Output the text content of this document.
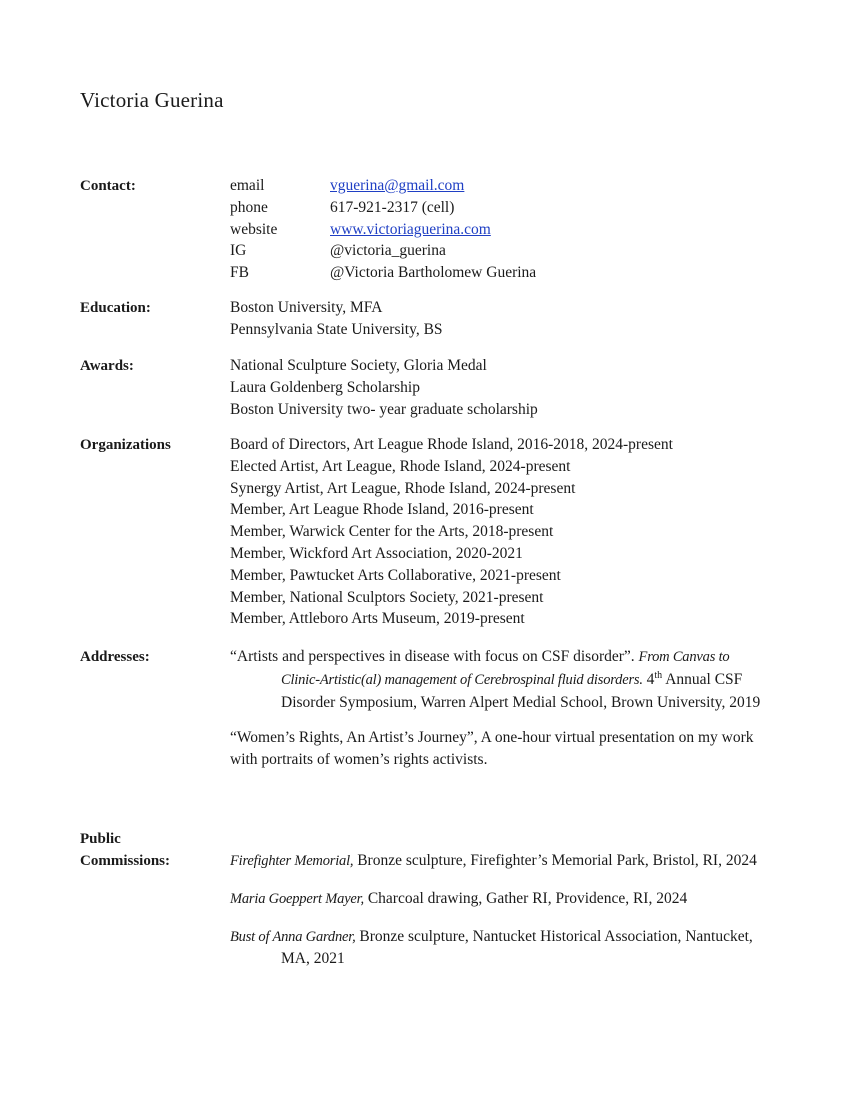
Victoria Guerina
Contact:	email	vguerina@gmail.com
phone	617-921-2317 (cell)
website	www.victoriaguerina.com
IG	@victoria_guerina
FB	@Victoria Bartholomew Guerina
Education:	Boston University, MFA
Pennsylvania State University, BS
Awards:	National Sculpture Society, Gloria Medal
Laura Goldenberg Scholarship
Boston University two- year graduate scholarship
Organizations	Board of Directors, Art League Rhode Island, 2016-2018, 2024-present
Elected Artist, Art League, Rhode Island, 2024-present
Synergy Artist, Art League, Rhode Island, 2024-present
Member, Art League Rhode Island, 2016-present
Member, Warwick Center for the Arts, 2018-present
Member, Wickford Art Association, 2020-2021
Member, Pawtucket Arts Collaborative, 2021-present
Member, National Sculptors Society, 2021-present
Member, Attleboro Arts Museum, 2019-present
Addresses:	“Artists and perspectives in disease with focus on CSF disorder”. From Canvas to Clinic-Artistic(al) management of Cerebrospinal fluid disorders. 4th Annual CSF Disorder Symposium, Warren Alpert Medial School, Brown University, 2019

“Women’s Rights, An Artist’s Journey”, A one-hour virtual presentation on my work with portraits of women’s rights activists.

Public
Commissions:	Firefighter Memorial, Bronze sculpture, Firefighter’s Memorial Park, Bristol, RI, 2024

Maria Goeppert Mayer, Charcoal drawing, Gather RI, Providence, RI, 2024

Bust of Anna Gardner, Bronze sculpture, Nantucket Historical Association, Nantucket, MA, 2021
